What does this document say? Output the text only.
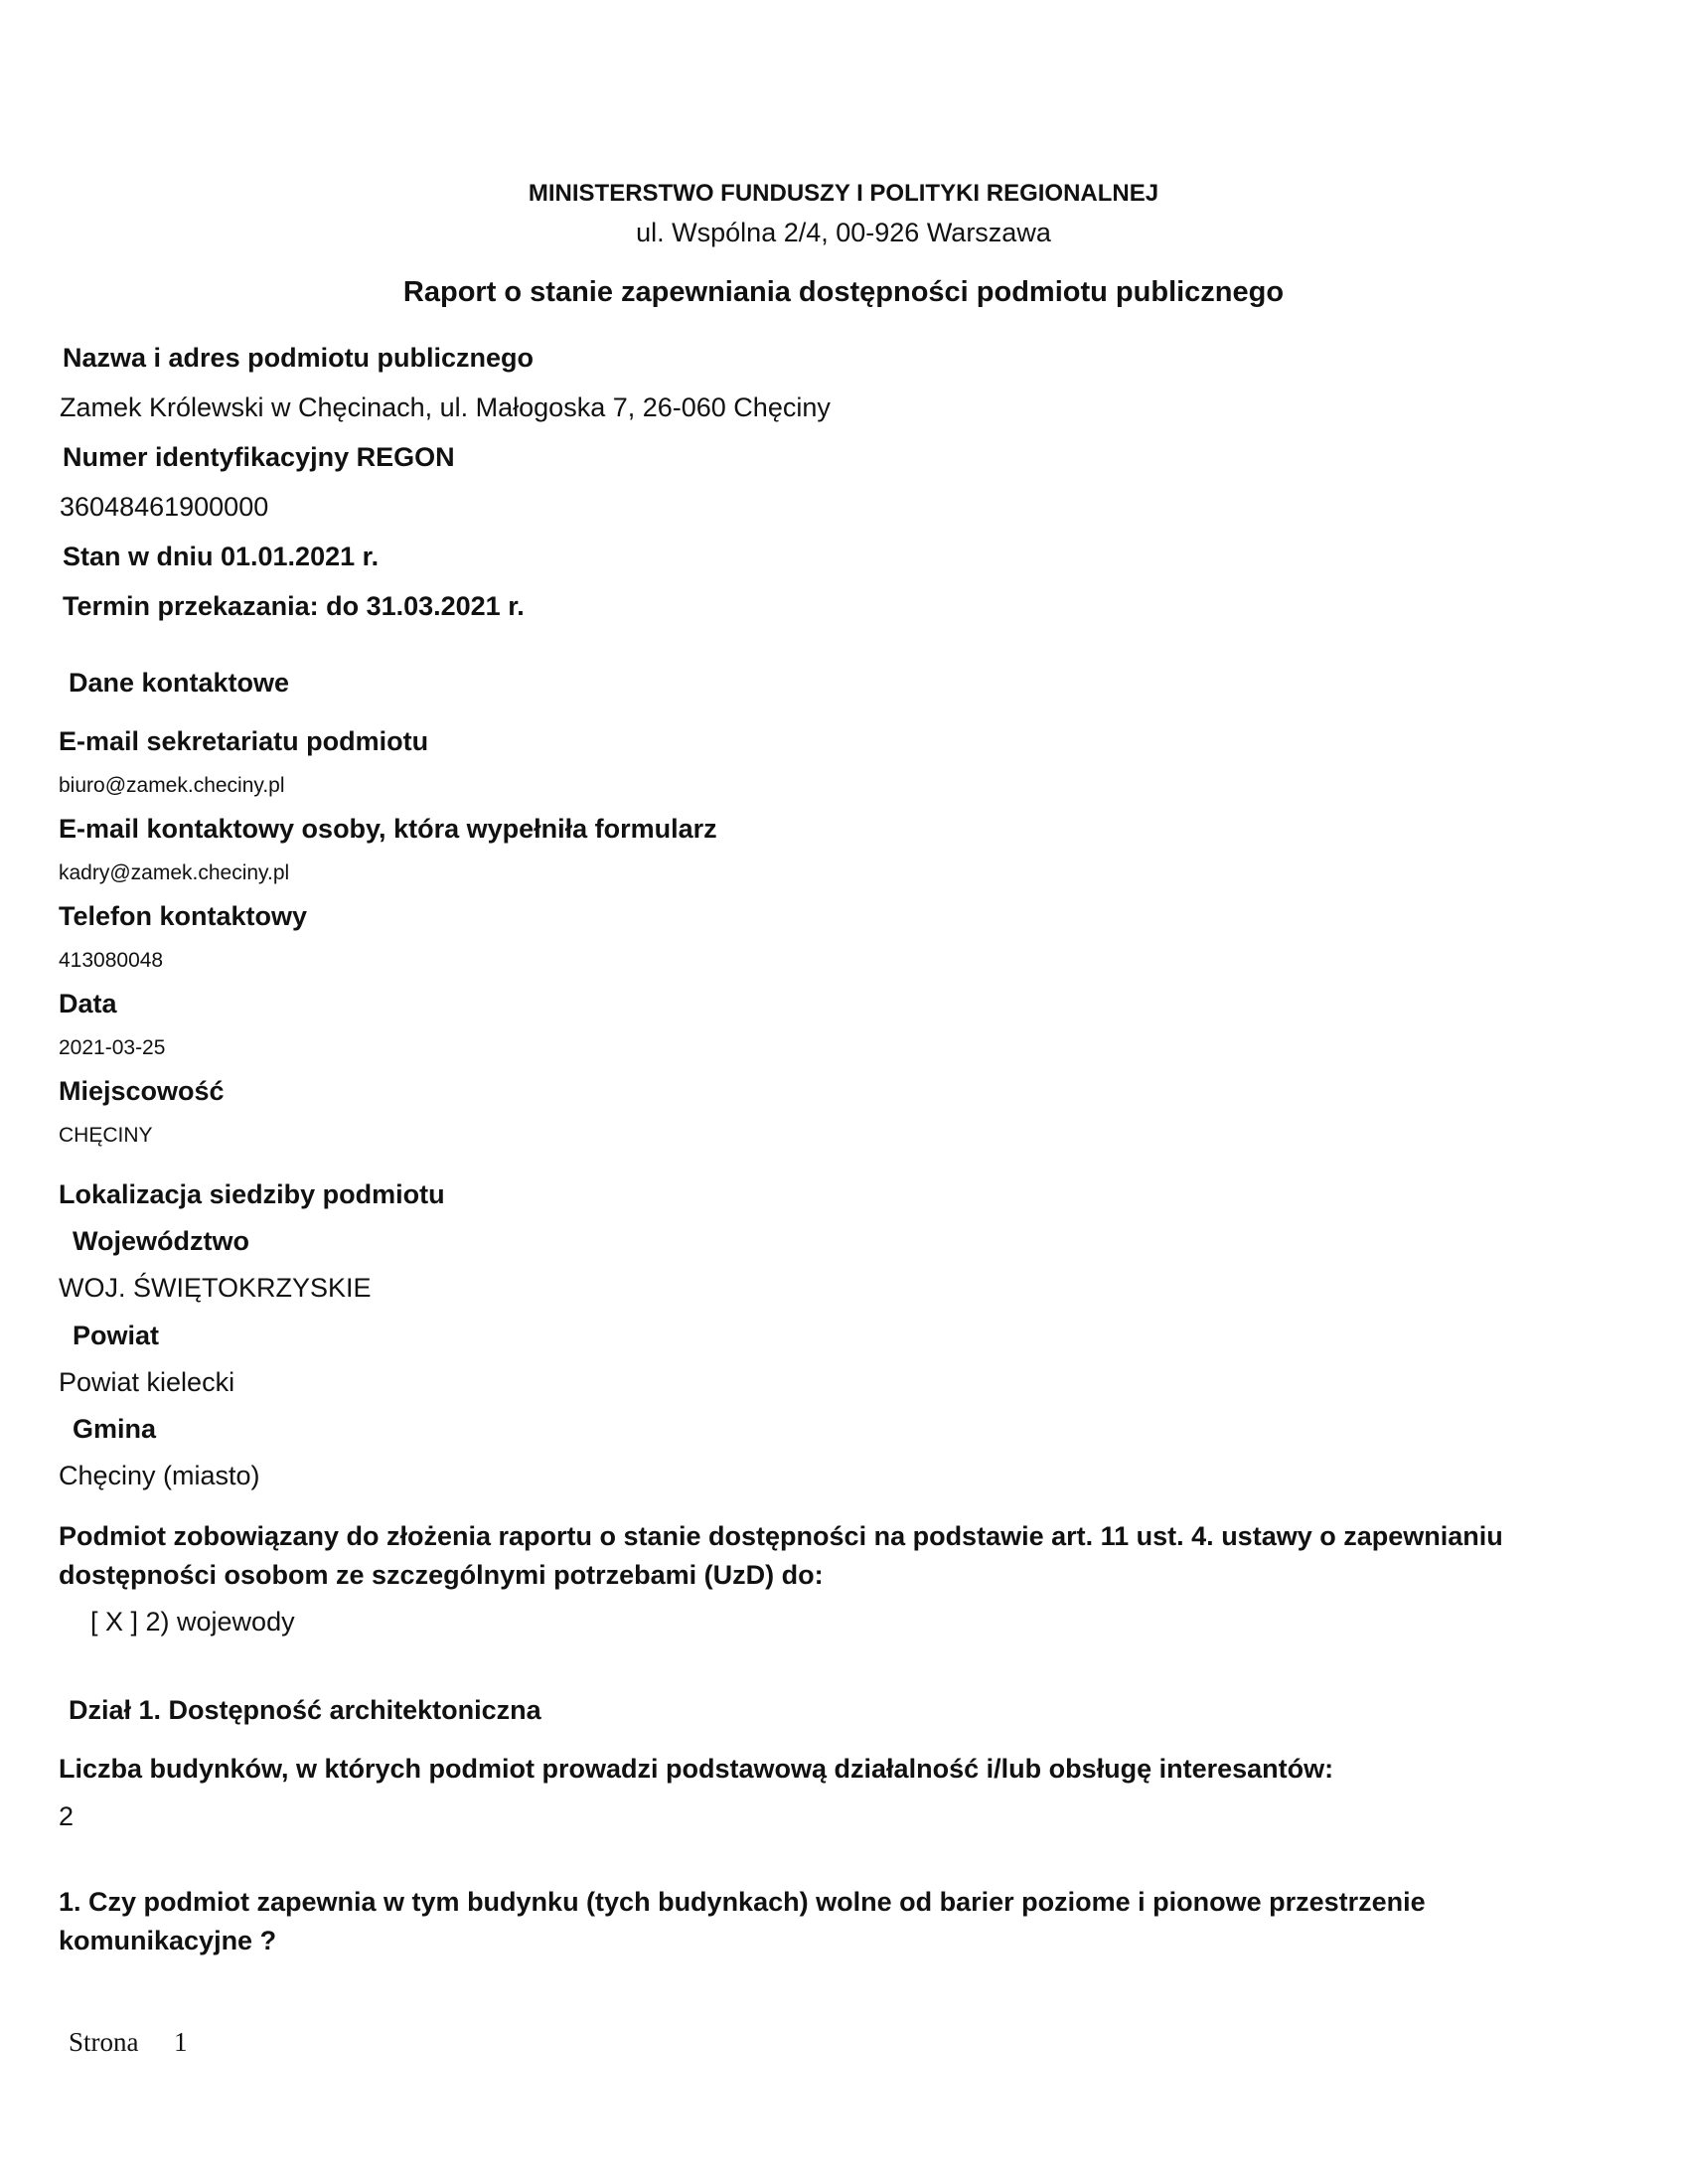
MINISTERSTWO FUNDUSZY I POLITYKI REGIONALNEJ
ul. Wspólna 2/4, 00-926 Warszawa
Raport o stanie zapewniania dostępności podmiotu publicznego
Nazwa i adres podmiotu publicznego
Zamek Królewski w Chęcinach, ul. Małogoska 7, 26-060 Chęciny
Numer identyfikacyjny REGON
36048461900000
Stan w dniu 01.01.2021 r.
Termin przekazania: do 31.03.2021 r.
Dane kontaktowe
E-mail sekretariatu podmiotu
biuro@zamek.checiny.pl
E-mail kontaktowy osoby, która wypełniła formularz
kadry@zamek.checiny.pl
Telefon kontaktowy
413080048
Data
2021-03-25
Miejscowość
CHĘCINY
Lokalizacja siedziby podmiotu
Województwo
WOJ. ŚWIĘTOKRZYSKIE
Powiat
Powiat kielecki
Gmina
Chęciny (miasto)
Podmiot zobowiązany do złożenia raportu o stanie dostępności na podstawie art. 11 ust. 4. ustawy o zapewnianiu dostępności osobom ze szczególnymi potrzebami (UzD) do:
[ X ] 2) wojewody
Dział 1. Dostępność architektoniczna
Liczba budynków, w których podmiot prowadzi podstawową działalność i/lub obsługę interesantów:
2
1. Czy podmiot zapewnia w tym budynku (tych budynkach) wolne od barier poziome i pionowe przestrzenie komunikacyjne ?
Strona 1
